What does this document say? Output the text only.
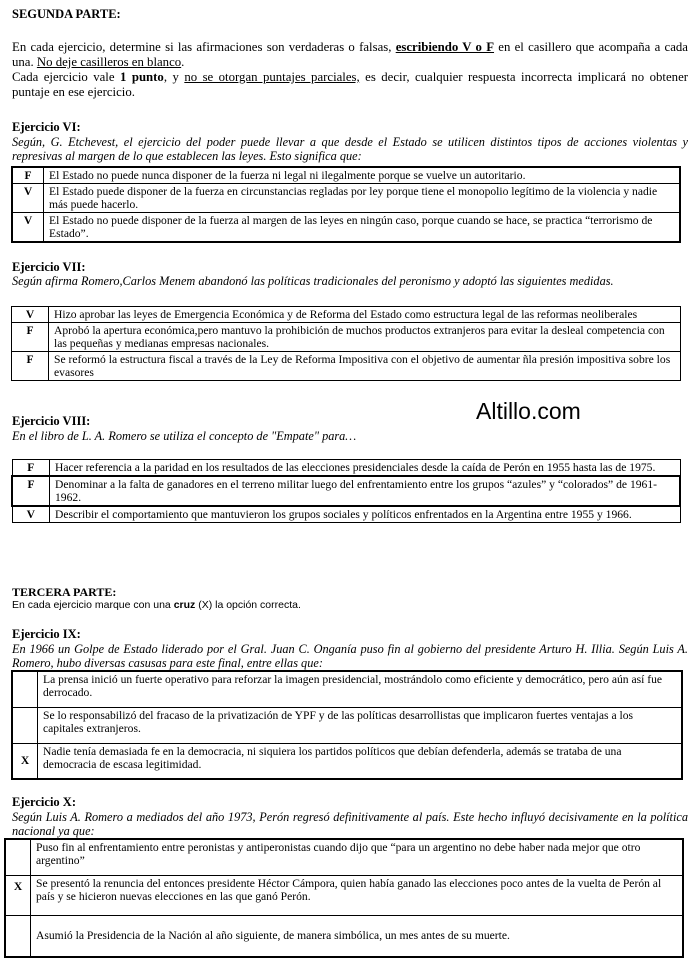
SEGUNDA PARTE:
En cada ejercicio, determine si las afirmaciones son verdaderas o falsas, escribiendo V o F en el casillero que acompaña a cada una. No deje casilleros en blanco.
Cada ejercicio vale 1 punto, y no se otorgan puntajes parciales, es decir, cualquier respuesta incorrecta implicará no obtener puntaje en ese ejercicio.
Ejercicio VI:
Según, G. Etchevest, el ejercicio del poder puede llevar a que desde el Estado se utilicen distintos tipos de acciones violentas y represivas al margen de lo que establecen las leyes. Esto significa que:
F	El Estado no puede nunca disponer de la fuerza ni legal ni ilegalmente porque se vuelve un autoritario.
V	El Estado puede disponer de la fuerza en circunstancias regladas por ley porque tiene el monopolio legítimo de la violencia y nadie más puede hacerlo.
V	El Estado no puede disponer de la fuerza al margen de las leyes en ningún caso, porque cuando se hace, se practica “terrorismo de Estado”.
Ejercicio VII:
Según afirma Romero,Carlos Menem abandonó las políticas tradicionales del peronismo y adoptó las siguientes medidas.
V	Hizo aprobar las leyes de Emergencia Económica y de Reforma del Estado como estructura legal de las reformas neoliberales
F	Aprobó la apertura económica,pero mantuvo la prohibición de muchos productos extranjeros para evitar la desleal competencia con las pequeñas y medianas empresas nacionales.
F	Se reformó la estructura fiscal a través de la Ley de Reforma Impositiva con el objetivo de aumentar ñla presión impositiva sobre los evasores
Altillo.com
Ejercicio VIII:
En el libro de L. A. Romero se utiliza el concepto de "Empate" para…
F	Hacer referencia a la paridad en los resultados de las elecciones presidenciales desde la caída de Perón en 1955 hasta las de 1975.
F	Denominar a la falta de ganadores en el terreno militar luego del enfrentamiento entre los grupos “azules” y “colorados” de 1961-1962.
V	Describir el comportamiento que mantuvieron los grupos sociales y políticos enfrentados en la Argentina entre 1955 y 1966.
TERCERA PARTE:
En cada ejercicio marque con una cruz (X) la opción correcta.
Ejercicio IX:
En 1966 un Golpe de Estado liderado por el Gral. Juan C. Onganía puso fin al gobierno del presidente Arturo H. Illia. Según Luis A. Romero, hubo diversas casusas para este final, entre ellas que:
	La prensa inició un fuerte operativo para reforzar la imagen presidencial, mostrándolo como eficiente y democrático, pero aún así fue derrocado.
	Se lo responsabilizó del fracaso de la privatización de YPF y de las políticas desarrollistas que implicaron fuertes ventajas a los capitales extranjeros.
X	Nadie tenía demasiada fe en la democracia, ni siquiera los partidos políticos que debían defenderla, además se trataba de una democracia de escasa legitimidad.
Ejercicio X:
Según Luis A. Romero a mediados del año 1973, Perón regresó definitivamente al país. Este hecho influyó decisivamente en la política nacional ya que:
	Puso fin al enfrentamiento entre peronistas y antiperonistas cuando dijo que “para un argentino no debe haber nada mejor que otro argentino”
X	Se presentó la renuncia del entonces presidente Héctor Cámpora, quien había ganado las elecciones poco antes de la vuelta de Perón al país y se hicieron nuevas elecciones en las que ganó Perón.
	Asumió la Presidencia de la Nación al año siguiente, de manera simbólica, un mes antes de su muerte.
